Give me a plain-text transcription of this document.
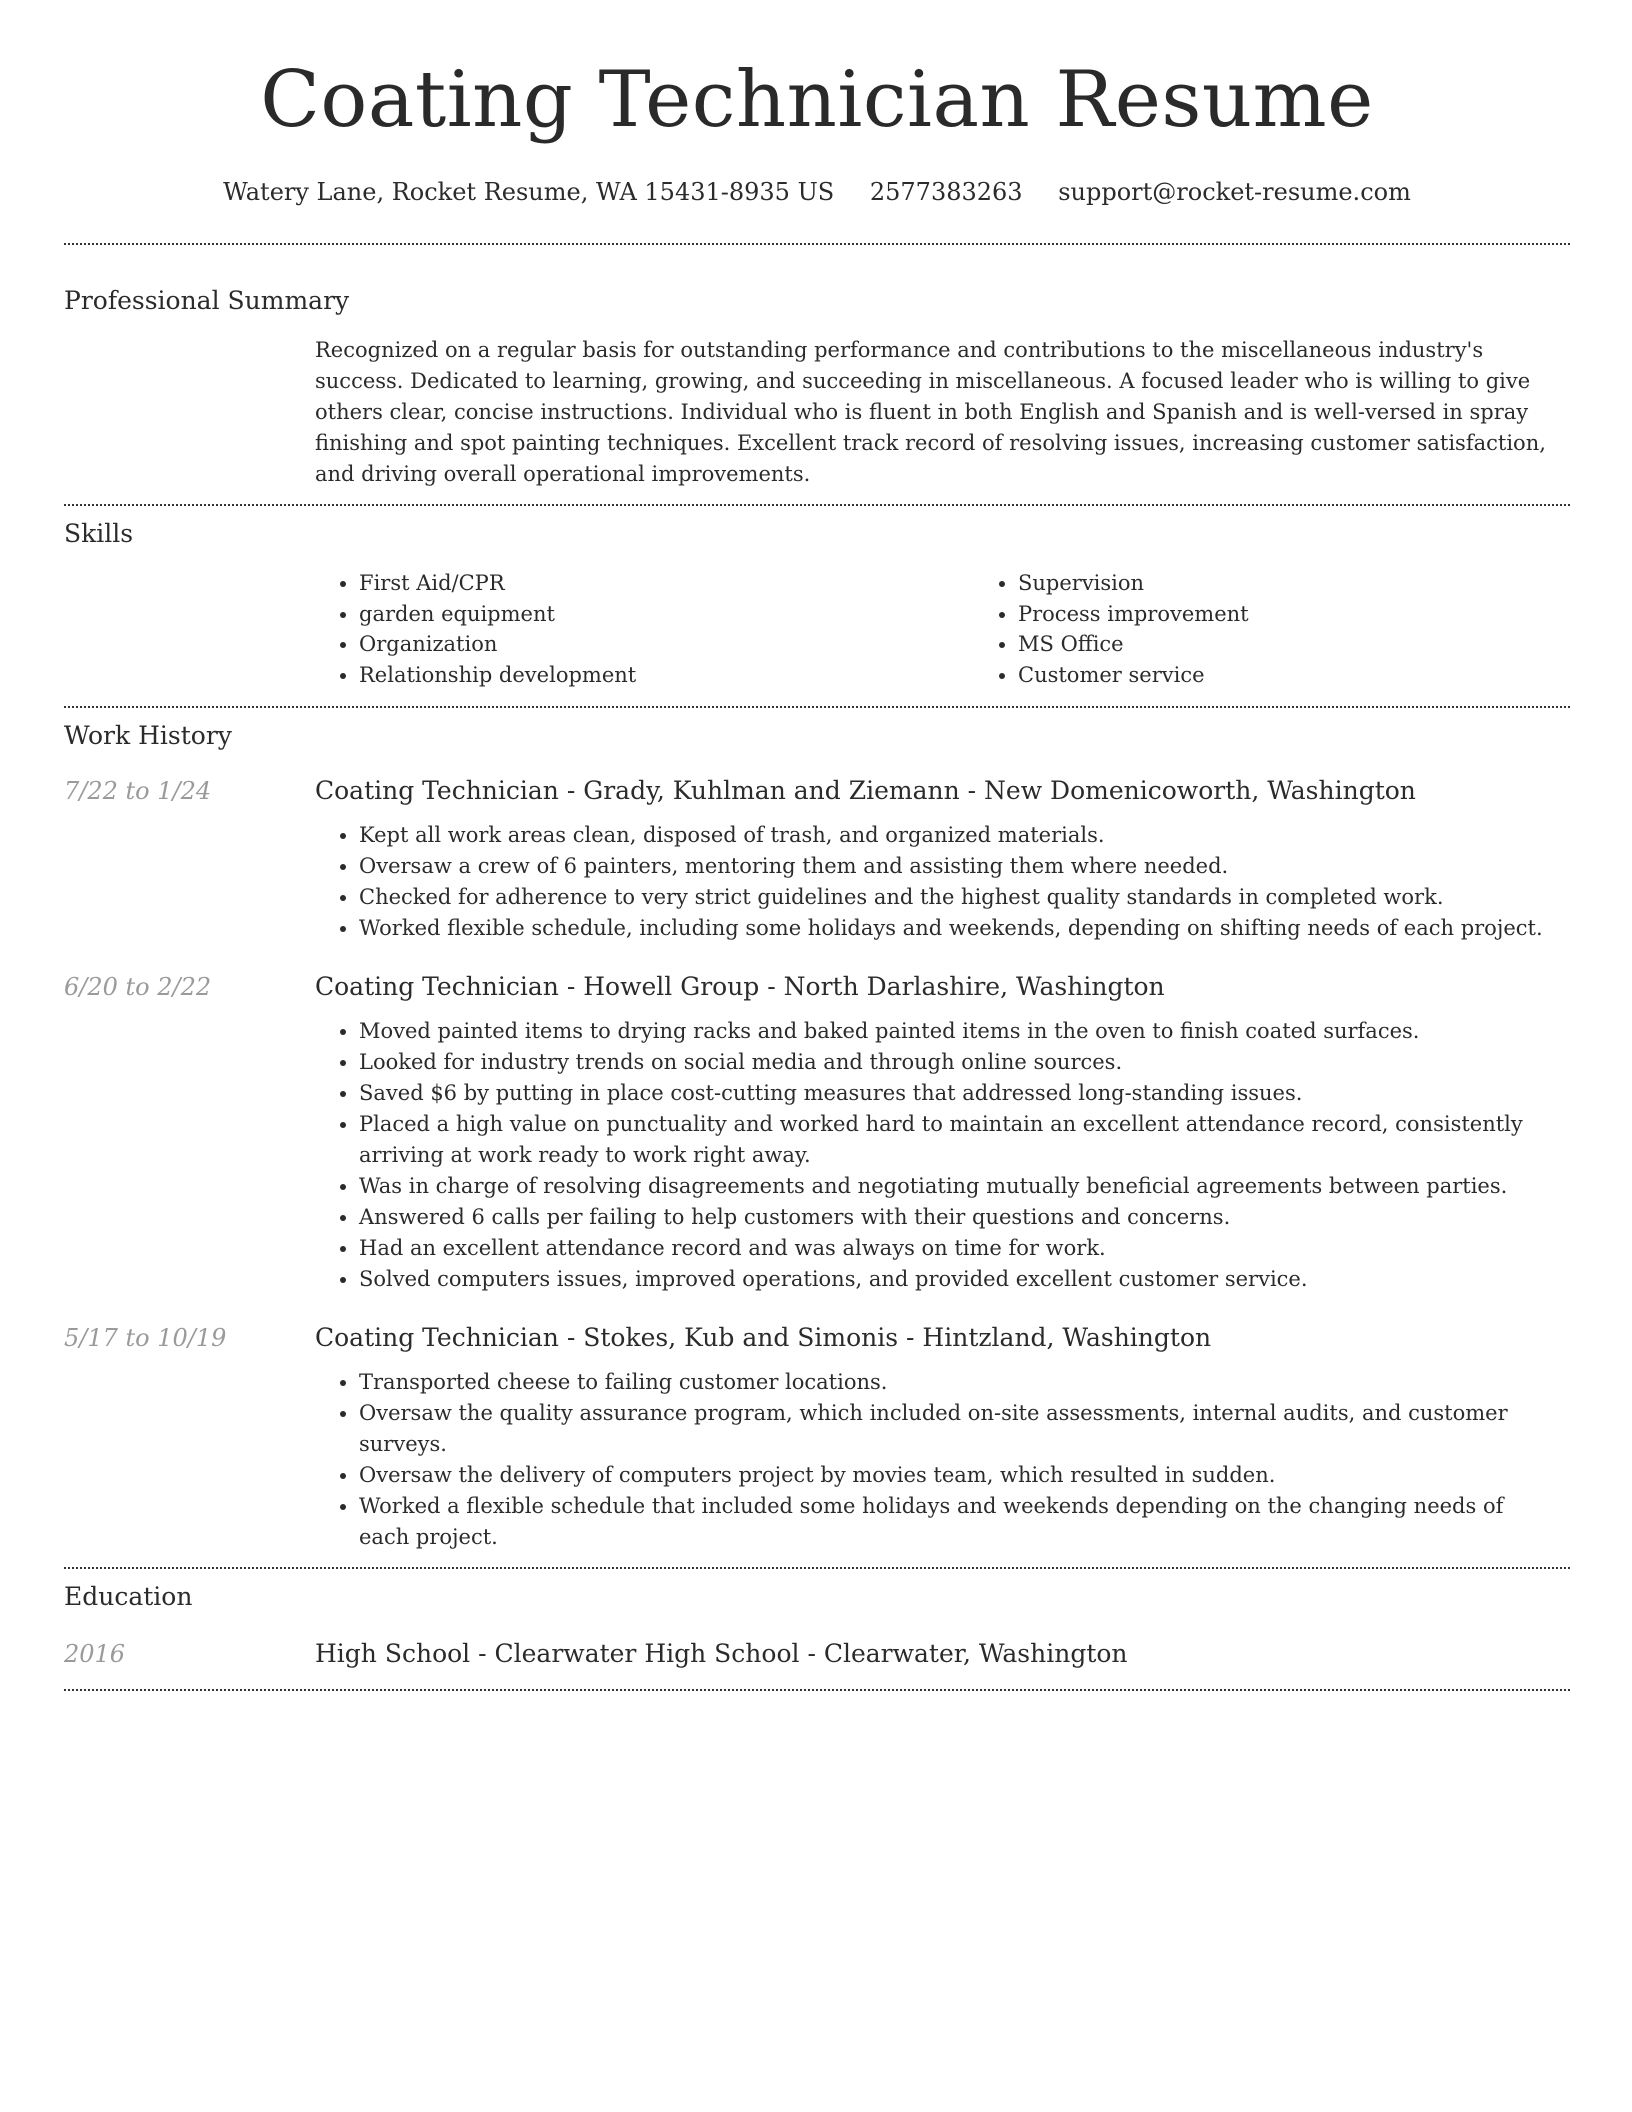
Coating Technician Resume
Watery Lane, Rocket Resume, WA 15431-8935 US 2577383263 support@rocket-resume.com
Professional Summary

Recognized on a regular basis for outstanding performance and contributions to the miscellaneous industry's success. Dedicated to learning, growing, and succeeding in miscellaneous. A focused leader who is willing to give others clear, concise instructions. Individual who is fluent in both English and Spanish and is well-versed in spray finishing and spot painting techniques. Excellent track record of resolving issues, increasing customer satisfaction, and driving overall operational improvements.

Skills
• First Aid/CPR
• garden equipment
• Organization
• Relationship development
• Supervision
• Process improvement
• MS Office
• Customer service
Work History
7/22 to 1/24	Coating Technician - Grady, Kuhlman and Ziemann - New Domenicoworth, Washington
• Kept all work areas clean, disposed of trash, and organized materials.
• Oversaw a crew of 6 painters, mentoring them and assisting them where needed.
• Checked for adherence to very strict guidelines and the highest quality standards in completed work.
• Worked flexible schedule, including some holidays and weekends, depending on shifting needs of each project.
6/20 to 2/22	Coating Technician - Howell Group - North Darlashire, Washington
• Moved painted items to drying racks and baked painted items in the oven to finish coated surfaces.
• Looked for industry trends on social media and through online sources.
• Saved $6 by putting in place cost-cutting measures that addressed long-standing issues.
• Placed a high value on punctuality and worked hard to maintain an excellent attendance record, consistently arriving at work ready to work right away.
• Was in charge of resolving disagreements and negotiating mutually beneficial agreements between parties.
• Answered 6 calls per failing to help customers with their questions and concerns.
• Had an excellent attendance record and was always on time for work.
• Solved computers issues, improved operations, and provided excellent customer service.
5/17 to 10/19	Coating Technician - Stokes, Kub and Simonis - Hintzland, Washington
• Transported cheese to failing customer locations.
• Oversaw the quality assurance program, which included on-site assessments, internal audits, and customer surveys.
• Oversaw the delivery of computers project by movies team, which resulted in sudden.
• Worked a flexible schedule that included some holidays and weekends depending on the changing needs of each project.
Education
2016	High School - Clearwater High School - Clearwater, Washington
